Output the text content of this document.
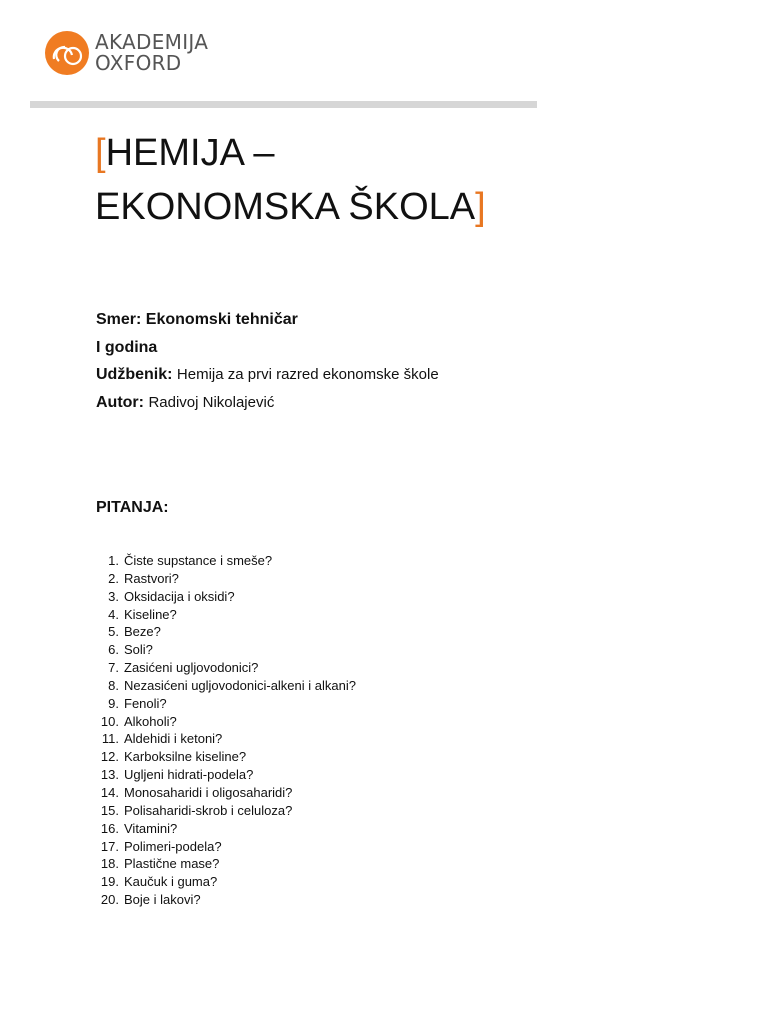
AKADEMIJA
OXFORD
[HEMIJA –
EKONOMSKA ŠKOLA]
Smer: Ekonomski tehničar
I godina
Udžbenik: Hemija za prvi razred ekonomske škole
Autor: Radivoj Nikolajević
PITANJA:
1. Čiste supstance i smeše?
2. Rastvori?
3. Oksidacija i oksidi?
4. Kiseline?
5. Beze?
6. Soli?
7. Zasićeni ugljovodonici?
8. Nezasićeni ugljovodonici-alkeni i alkani?
9. Fenoli?
10. Alkoholi?
11. Aldehidi i ketoni?
12. Karboksilne kiseline?
13. Ugljeni hidrati-podela?
14. Monosaharidi i oligosaharidi?
15. Polisaharidi-skrob i celuloza?
16. Vitamini?
17. Polimeri-podela?
18. Plastične mase?
19. Kaučuk i guma?
20. Boje i lakovi?
